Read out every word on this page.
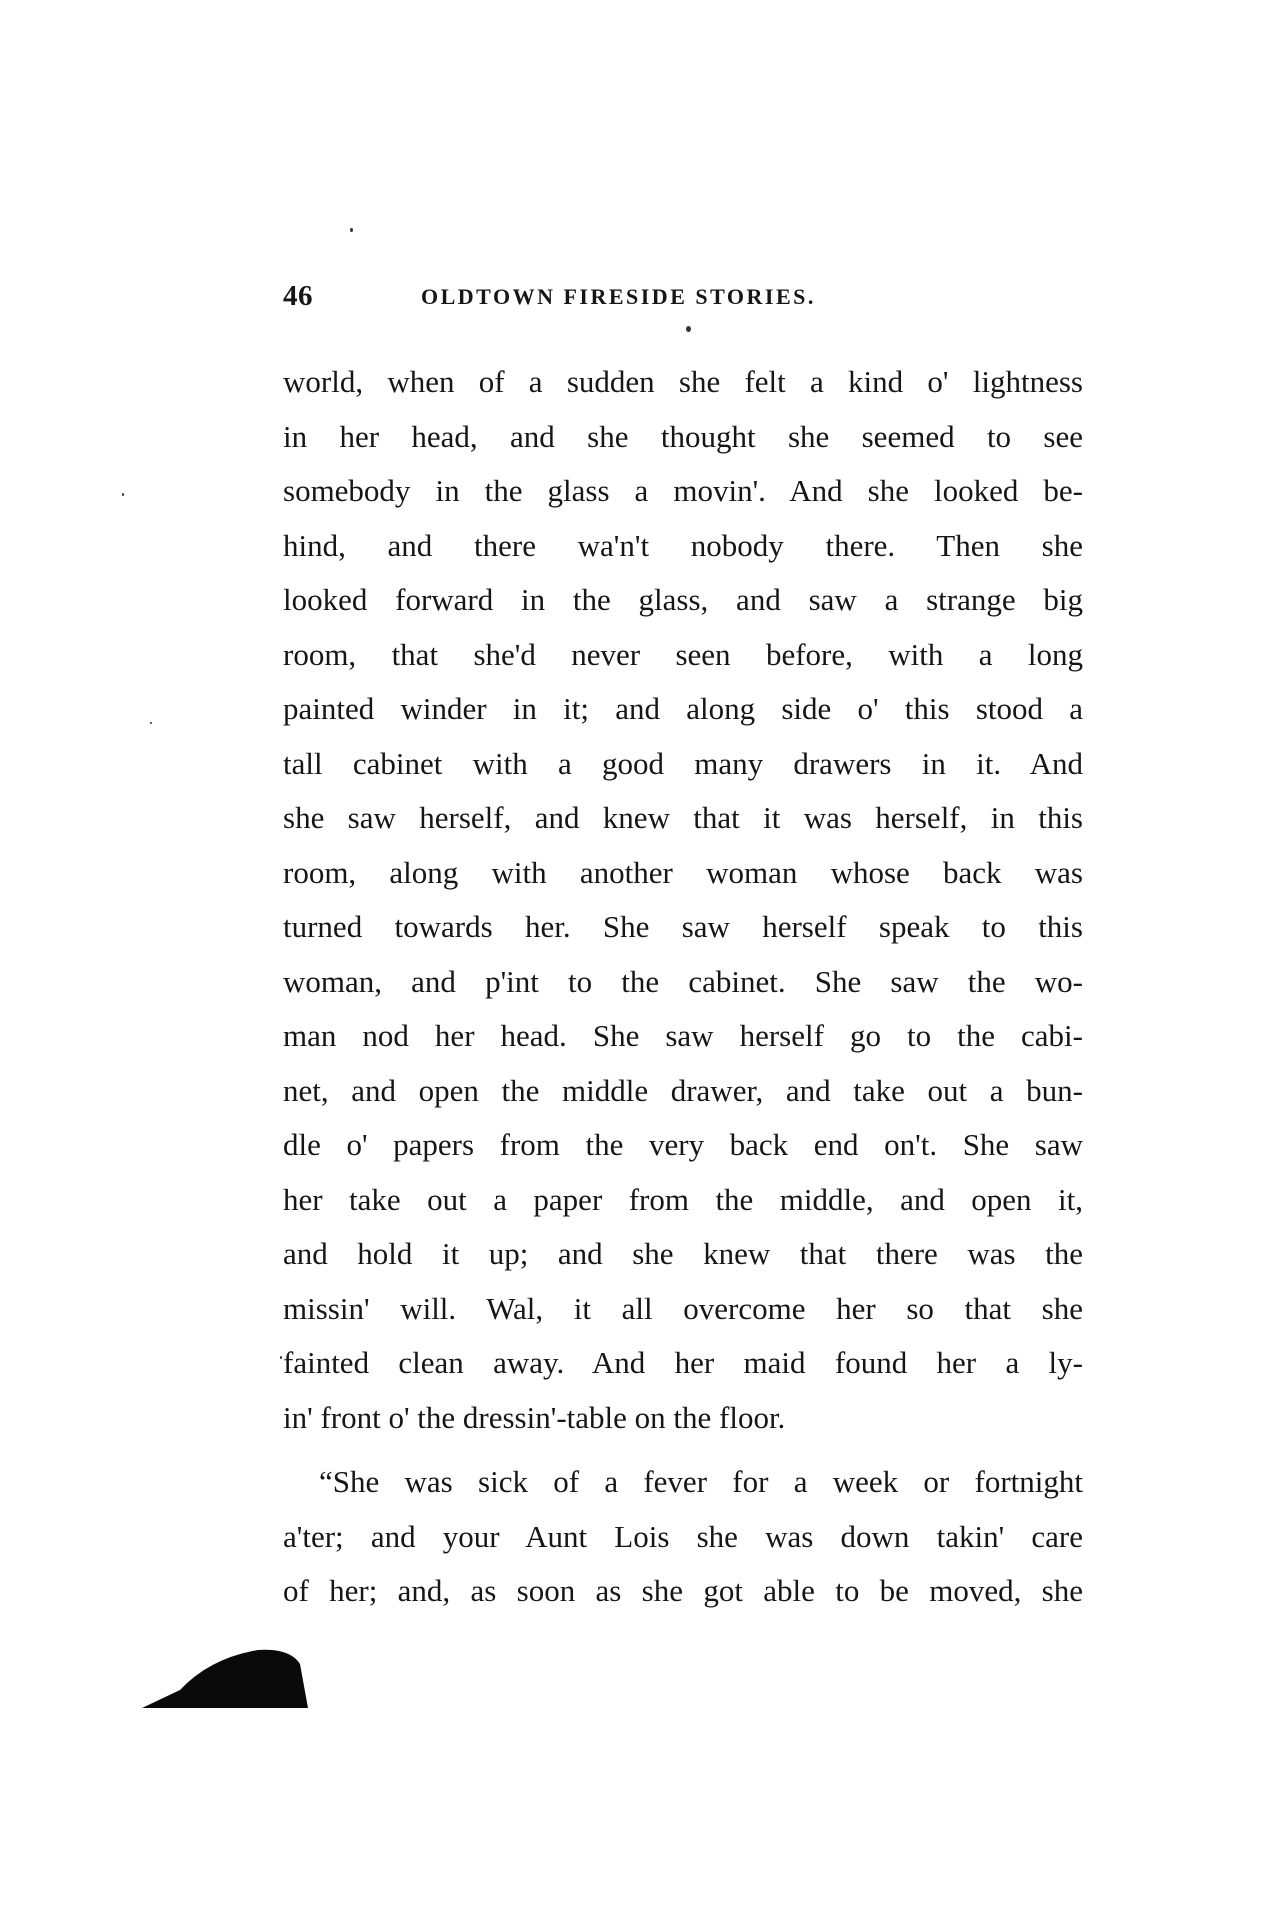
46	OLDTOWN FIRESIDE STORIES.
world, when of a sudden she felt a kind o' lightness
in her head, and she thought she seemed to see
somebody in the glass a movin'. And she looked be-
hind, and there wa'n't nobody there. Then she
looked forward in the glass, and saw a strange big
room, that she'd never seen before, with a long
painted winder in it; and along side o' this stood a
tall cabinet with a good many drawers in it. And
she saw herself, and knew that it was herself, in this
room, along with another woman whose back was
turned towards her. She saw herself speak to this
woman, and p'int to the cabinet. She saw the wo-
man nod her head. She saw herself go to the cabi-
net, and open the middle drawer, and take out a bun-
dle o' papers from the very back end on't. She saw
her take out a paper from the middle, and open it,
and hold it up; and she knew that there was the
missin' will. Wal, it all overcome her so that she
fainted clean away. And her maid found her a ly-
in' front o' the dressin'-table on the floor.
“She was sick of a fever for a week or fortnight
a'ter; and your Aunt Lois she was down takin' care
of her; and, as soon as she got able to be moved, she
